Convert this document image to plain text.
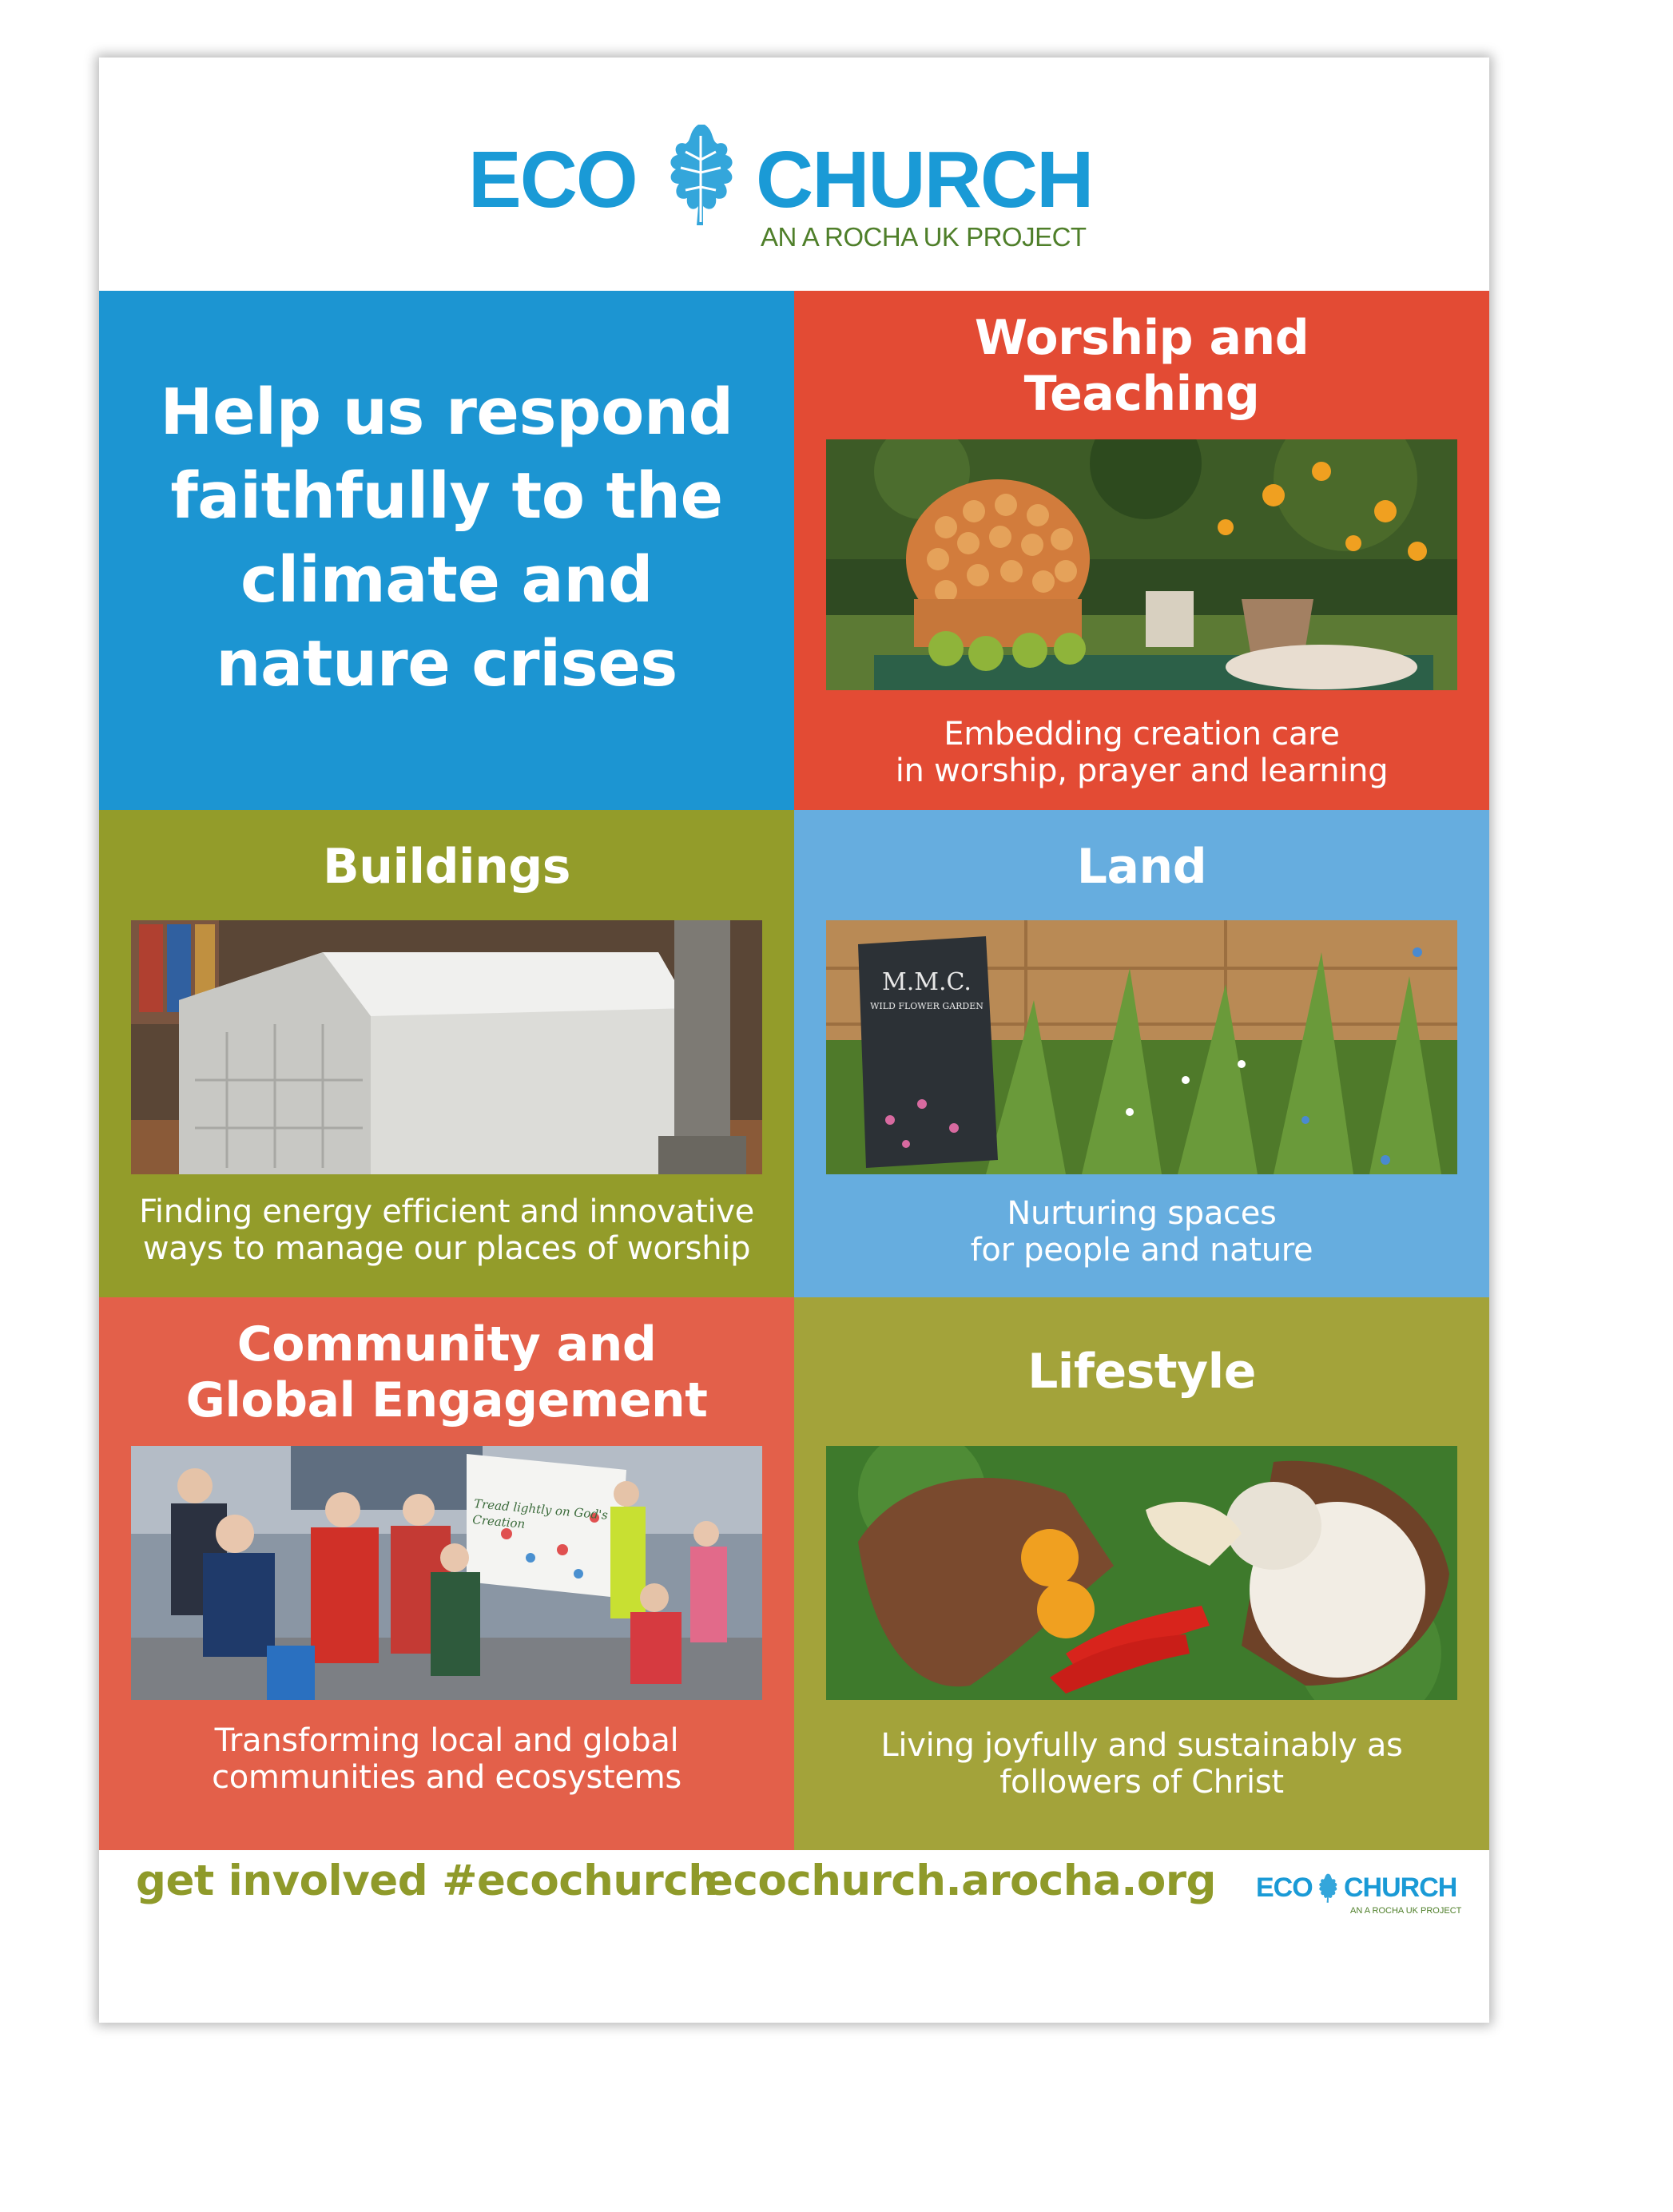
ECO CHURCH
AN A ROCHA UK PROJECT
Help us respond
faithfully to the
climate and
nature crises
Worship and
Teaching
Embedding creation care
in worship, prayer and learning
Buildings
Finding energy efficient and innovative
ways to manage our places of worship
Land
M.M.C.
WILD FLOWER GARDEN
Nurturing spaces
for people and nature
Community and
Global Engagement
Tread lightly on God's Creation
Transforming local and global
communities and ecosystems
Lifestyle
Living joyfully and sustainably as
followers of Christ
get involved #ecochurch
ecochurch.arocha.org ECO CHURCH
AN A ROCHA UK PROJECT
